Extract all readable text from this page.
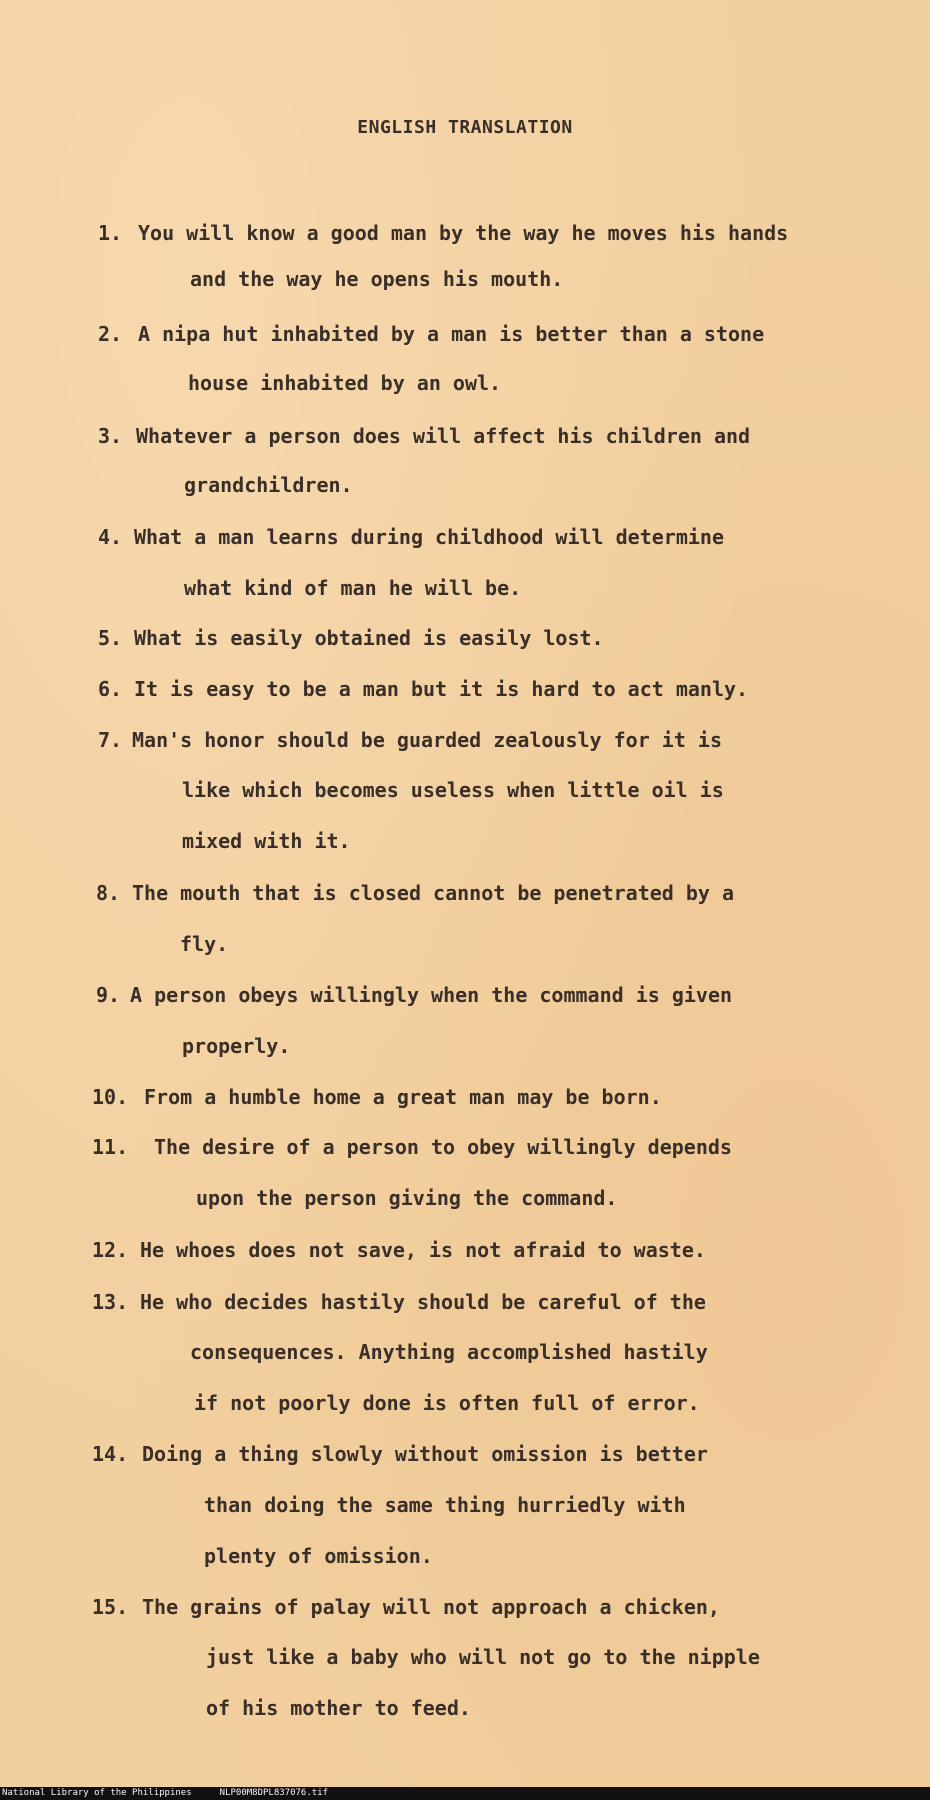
ENGLISH TRANSLATION
1. You will know a good man by the way he moves his hands
and the way he opens his mouth.
2. A nipa hut inhabited by a man is better than a stone
house inhabited by an owl.
3. Whatever a person does will affect his children and
grandchildren.
4. What a man learns during childhood will determine
what kind of man he will be.
5. What is easily obtained is easily lost.
6. It is easy to be a man but it is hard to act manly.
7. Man's honor should be guarded zealously for it is
like which becomes useless when little oil is
mixed with it.
8. The mouth that is closed cannot be penetrated by a
fly.
9. A person obeys willingly when the command is given
properly.
10. From a humble home a great man may be born.
11. The desire of a person to obey willingly depends
upon the person giving the command.
12. He whoes does not save, is not afraid to waste.
13. He who decides hastily should be careful of the
consequences. Anything accomplished hastily
if not poorly done is often full of error.
14. Doing a thing slowly without omission is better
than doing the same thing hurriedly with
plenty of omission.
15. The grains of palay will not approach a chicken,
just like a baby who will not go to the nipple
of his mother to feed.
National Library of the Philippines	NLP00M8DPL837076.tif
